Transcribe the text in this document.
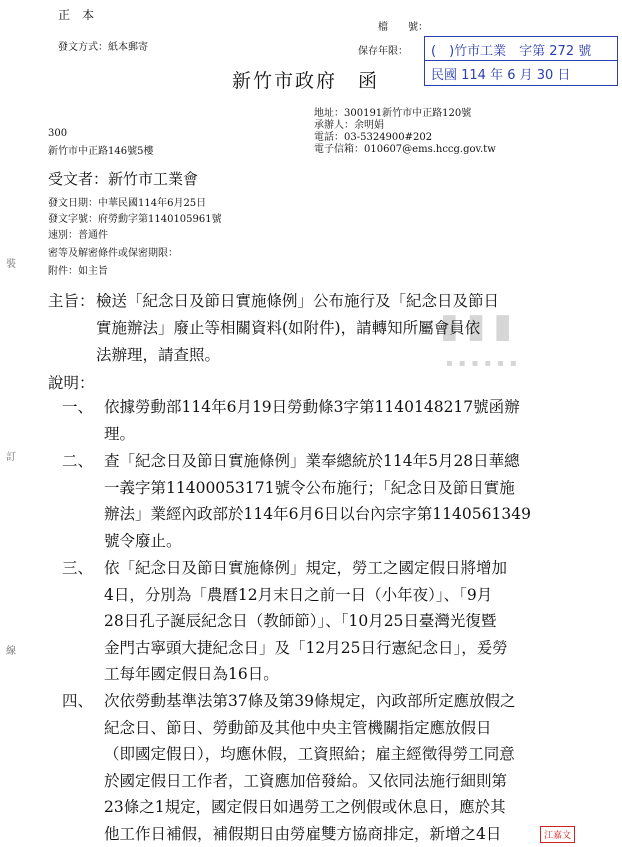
正　本
發文方式：紙本郵寄
檔　　號：
保存年限： (　)竹市工業　字第 272 號
民國 114 年 6 月 30 日
新竹市政府　函
地址：300191新竹市中正路120號
承辦人：余明娟
電話：03-5324900#202
電子信箱：010607@ems.hccg.gov.tw
300
新竹市中正路146號5樓
受文者：新竹市工業會
發文日期：中華民國114年6月25日
發文字號：府勞動字第1140105961號
速別：普通件
密等及解密條件或保密期限：
附件：如主旨
裝
訂
線
▮▮▮
▪▪▪▪▪▪
主旨： 檢送「紀念日及節日實施條例」公布施行及「紀念日及節日
實施辦法」廢止等相關資料(如附件)，請轉知所屬會員依
法辦理，請查照。
說明：
一、 依據勞動部114年6月19日勞動條3字第1140148217號函辦
理。
二、 查「紀念日及節日實施條例」業奉總統於114年5月28日華總
一義字第11400053171號令公布施行；「紀念日及節日實施
辦法」業經內政部於114年6月6日以台內宗字第1140561349
號令廢止。
三、 依「紀念日及節日實施條例」規定，勞工之國定假日將增加
4日，分別為「農曆12月末日之前一日（小年夜）」、「9月
28日孔子誕辰紀念日（教師節）」、「10月25日臺灣光復暨
金門古寧頭大捷紀念日」及「12月25日行憲紀念日」，爰勞
工每年國定假日為16日。
四、 次依勞動基準法第37條及第39條規定，內政部所定應放假之
紀念日、節日、勞動節及其他中央主管機關指定應放假日
（即國定假日），均應休假，工資照給；雇主經徵得勞工同意
於國定假日工作者，工資應加倍發給。又依同法施行細則第
23條之1規定，國定假日如遇勞工之例假或休息日，應於其
他工作日補假，補假期日由勞雇雙方協商排定，新增之4日	江嘉文
